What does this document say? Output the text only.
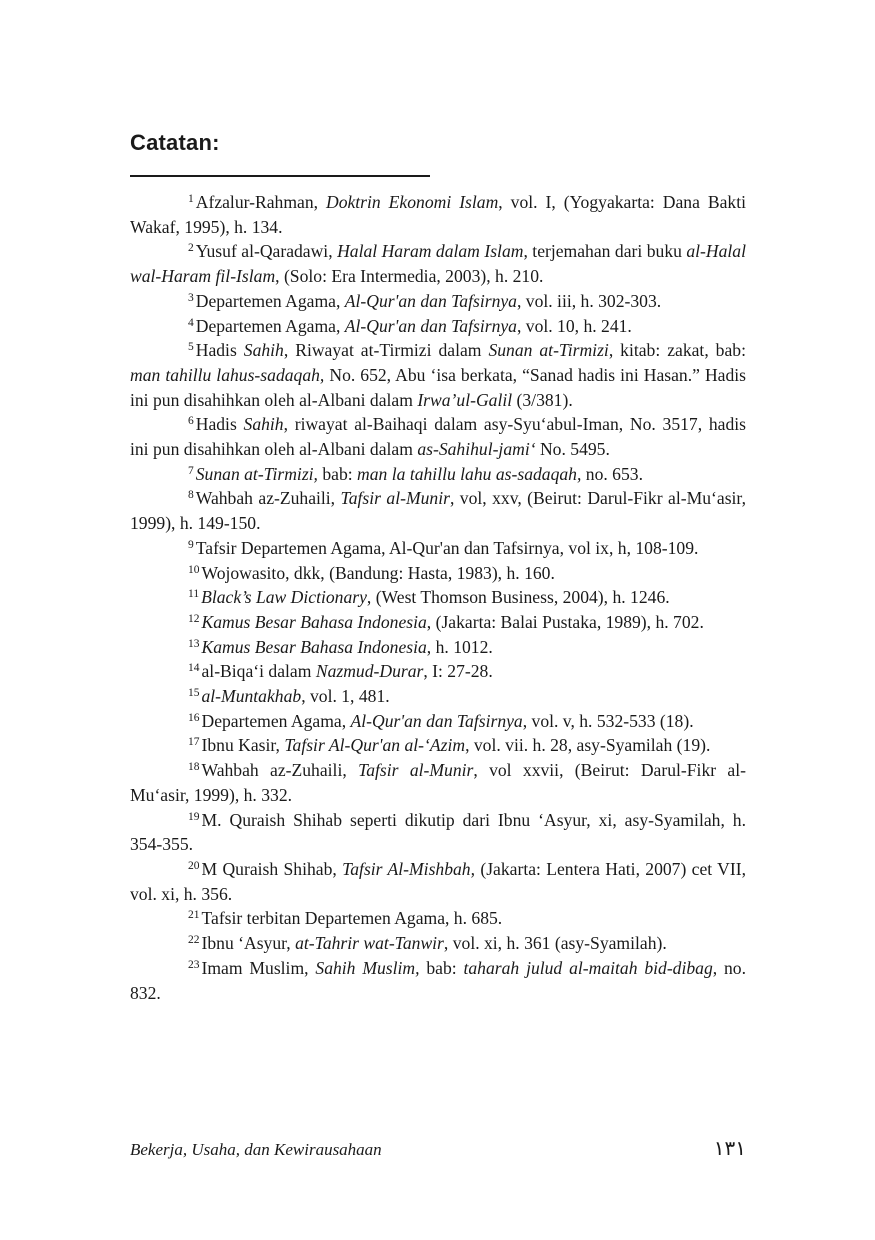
Catatan:

$^1$ Afzalur-Rahman, Doktrin Ekonomi Islam, vol. I, (Yogyakarta: Dana Bakti Wakaf, 1995), h. 134.

$^2$ Yusuf al-Qaradawi, Halal Haram dalam Islam, terjemahan dari buku al-Halal wal-Haram fil-Islam, (Solo: Era Intermedia, 2003), h. 210.

$^3$ Departemen Agama, Al-Qur'an dan Tafsirnya, vol. iii, h. 302-303.

$^4$ Departemen Agama, Al-Qur'an dan Tafsirnya, vol. 10, h. 241.

$^5$ Hadis Sahih, Riwayat at-Tirmizi dalam Sunan at-Tirmizi, kitab: zakat, bab: man tahillu lahus-sadaqah, No. 652, Abu ‘isa berkata, “Sanad hadis ini Hasan.” Hadis ini pun disahihkan oleh al-Albani dalam Irwa’ul-Galil (3/381).

$^6$ Hadis Sahih, riwayat al-Baihaqi dalam asy-Syu‘abul-Iman, No. 3517, hadis ini pun disahihkan oleh al-Albani dalam as-Sahihul-jami‘ No. 5495.

$^7$ Sunan at-Tirmizi, bab: man la tahillu lahu as-sadaqah, no. 653.

$^8$ Wahbah az-Zuhaili, Tafsir al-Munir, vol, xxv, (Beirut: Darul-Fikr al-Mu‘asir, 1999), h. 149-150.

$^9$ Tafsir Departemen Agama, Al-Qur'an dan Tafsirnya, vol ix, h, 108-109.

$^{10}$ Wojowasito, dkk, (Bandung: Hasta, 1983), h. 160.

$^{11}$ Black’s Law Dictionary, (West Thomson Business, 2004), h. 1246.

$^{12}$ Kamus Besar Bahasa Indonesia, (Jakarta: Balai Pustaka, 1989), h. 702.

$^{13}$ Kamus Besar Bahasa Indonesia, h. 1012.

$^{14}$ al-Biqa‘i dalam Nazmud-Durar, I: 27-28.

$^{15}$ al-Muntakhab, vol. 1, 481.

$^{16}$ Departemen Agama, Al-Qur'an dan Tafsirnya, vol. v, h. 532-533 (18).

$^{17}$ Ibnu Kasir, Tafsir Al-Qur'an al-‘Azim, vol. vii. h. 28, asy-Syamilah (19).

$^{18}$ Wahbah az-Zuhaili, Tafsir al-Munir, vol xxvii, (Beirut: Darul-Fikr al-Mu‘asir, 1999), h. 332.

$^{19}$ M. Quraish Shihab seperti dikutip dari Ibnu ‘Asyur, xi, asy-Syamilah, h. 354-355.

$^{20}$ M Quraish Shihab, Tafsir Al-Mishbah, (Jakarta: Lentera Hati, 2007) cet VII, vol. xi, h. 356.

$^{21}$ Tafsir terbitan Departemen Agama, h. 685.

$^{22}$ Ibnu ‘Asyur, at-Tahrir wat-Tanwir, vol. xi, h. 361 (asy-Syamilah).

$^{23}$ Imam Muslim, Sahih Muslim, bab: taharah julud al-maitah bid-dibag, no. 832.

Bekerja, Usaha, dan Kewirausahaan	١٣١
